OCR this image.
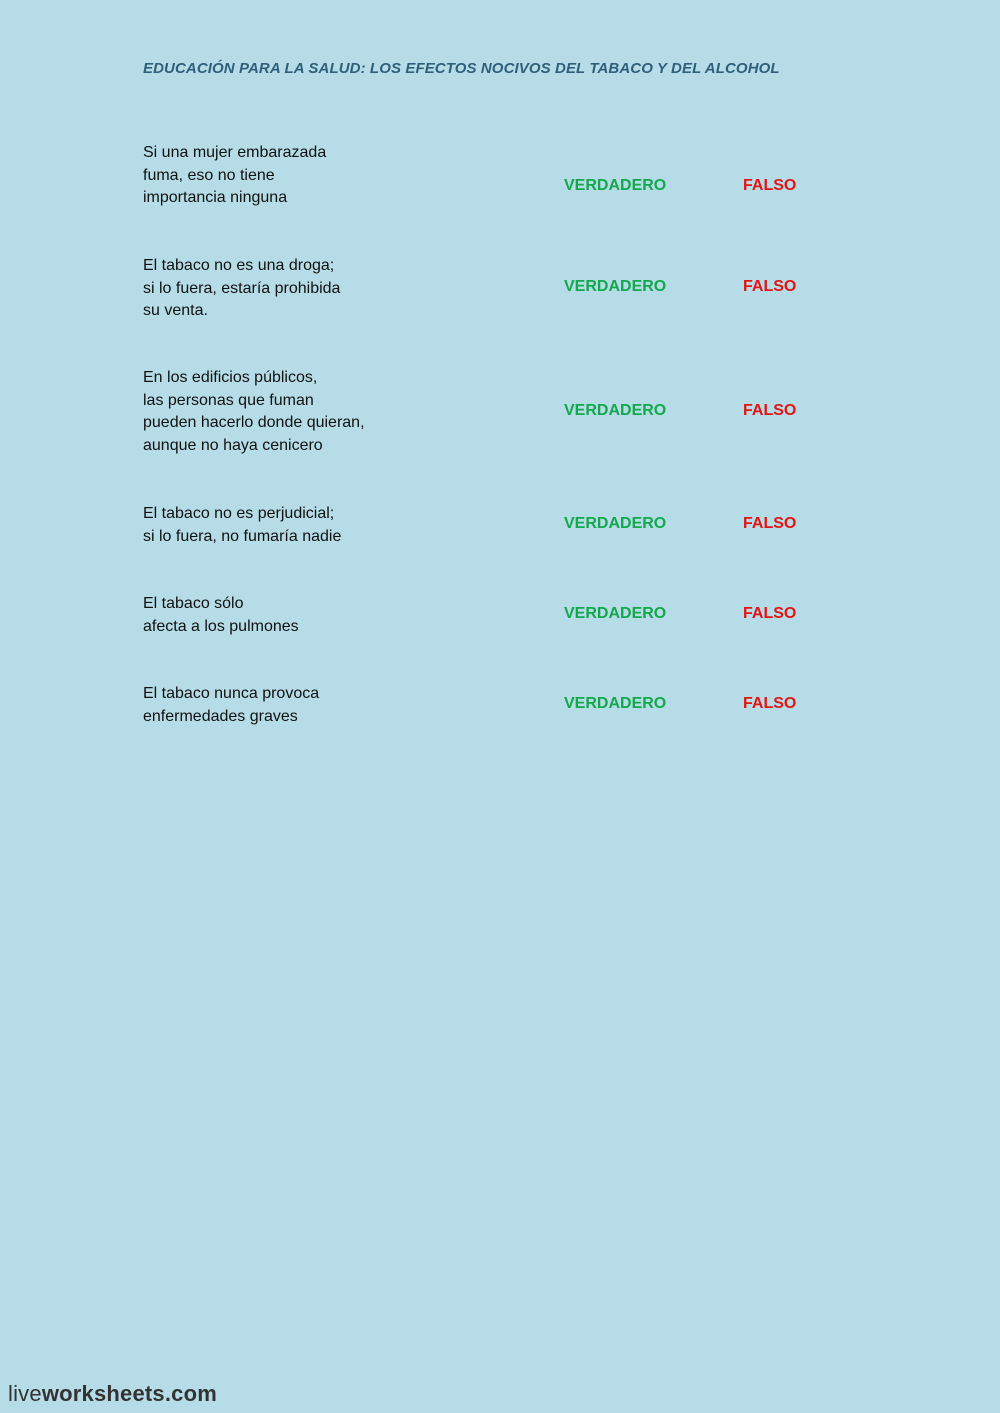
EDUCACIÓN PARA LA SALUD: LOS EFECTOS NOCIVOS DEL TABACO Y DEL ALCOHOL
Si una mujer embarazada
fuma, eso no tiene
importancia ninguna
VERDADERO	FALSO
El tabaco no es una droga;
si lo fuera, estaría prohibida
su venta.
VERDADERO	FALSO
En los edificios públicos,
las personas que fuman
pueden hacerlo donde quieran,
aunque no haya cenicero
VERDADERO	FALSO
El tabaco no es perjudicial;
si lo fuera, no fumaría nadie
VERDADERO	FALSO
El tabaco sólo
afecta a los pulmones
VERDADERO	FALSO
El tabaco nunca provoca
enfermedades graves
VERDADERO	FALSO
liveworksheets.com
